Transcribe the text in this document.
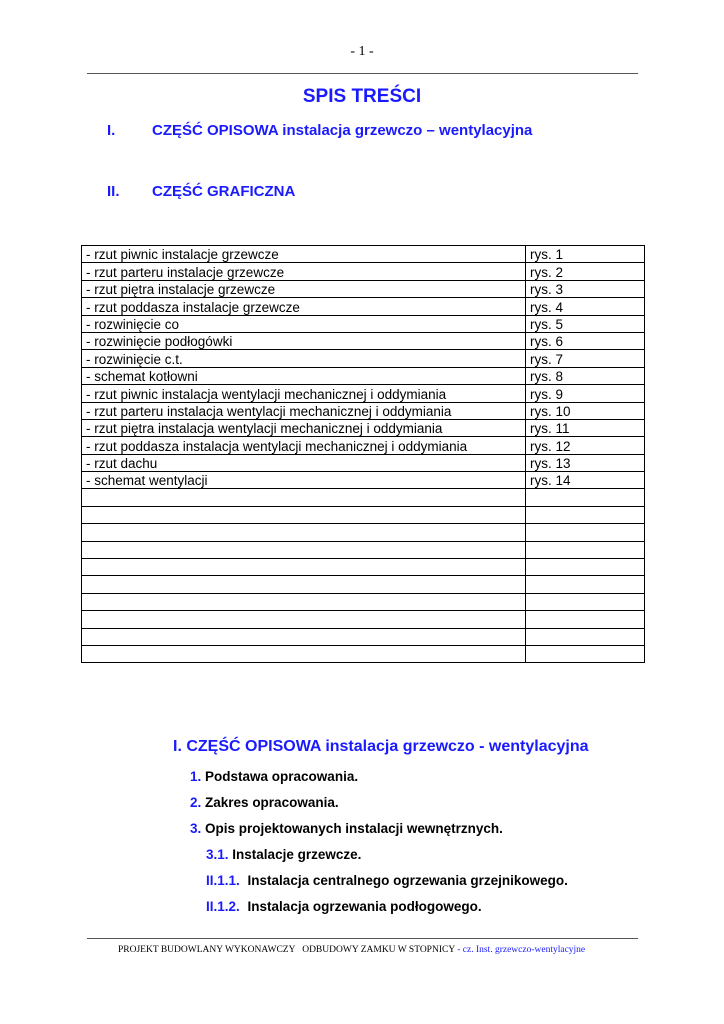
- 1 -
SPIS TREŚCI
I. CZĘŚĆ OPISOWA instalacja grzewczo – wentylacyjna
II. CZĘŚĆ GRAFICZNA
- rzut piwnic instalacje grzewcze	rys. 1
- rzut parteru instalacje grzewcze	rys. 2
- rzut piętra instalacje grzewcze	rys. 3
- rzut poddasza instalacje grzewcze	rys. 4
- rozwinięcie co	rys. 5
- rozwinięcie podłogówki	rys. 6
- rozwinięcie c.t.	rys. 7
- schemat kotłowni	rys. 8
- rzut piwnic instalacja wentylacji mechanicznej i oddymiania	rys. 9
- rzut parteru instalacja wentylacji mechanicznej i oddymiania	rys. 10
- rzut piętra instalacja wentylacji mechanicznej i oddymiania	rys. 11
- rzut poddasza instalacja wentylacji mechanicznej i oddymiania	rys. 12
- rzut dachu	rys. 13
- schemat wentylacji	rys. 14

I. CZĘŚĆ OPISOWA instalacja grzewczo - wentylacyjna
1. Podstawa opracowania.
2. Zakres opracowania.
3. Opis projektowanych instalacji wewnętrznych.
3.1. Instalacje grzewcze.
II.1.1. Instalacja centralnego ogrzewania grzejnikowego.
II.1.2. Instalacja ogrzewania podłogowego.
PROJEKT BUDOWLANY WYKONAWCZY   ODBUDOWY ZAMKU W STOPNICY - cz. Inst. grzewczo-wentylacyjne
